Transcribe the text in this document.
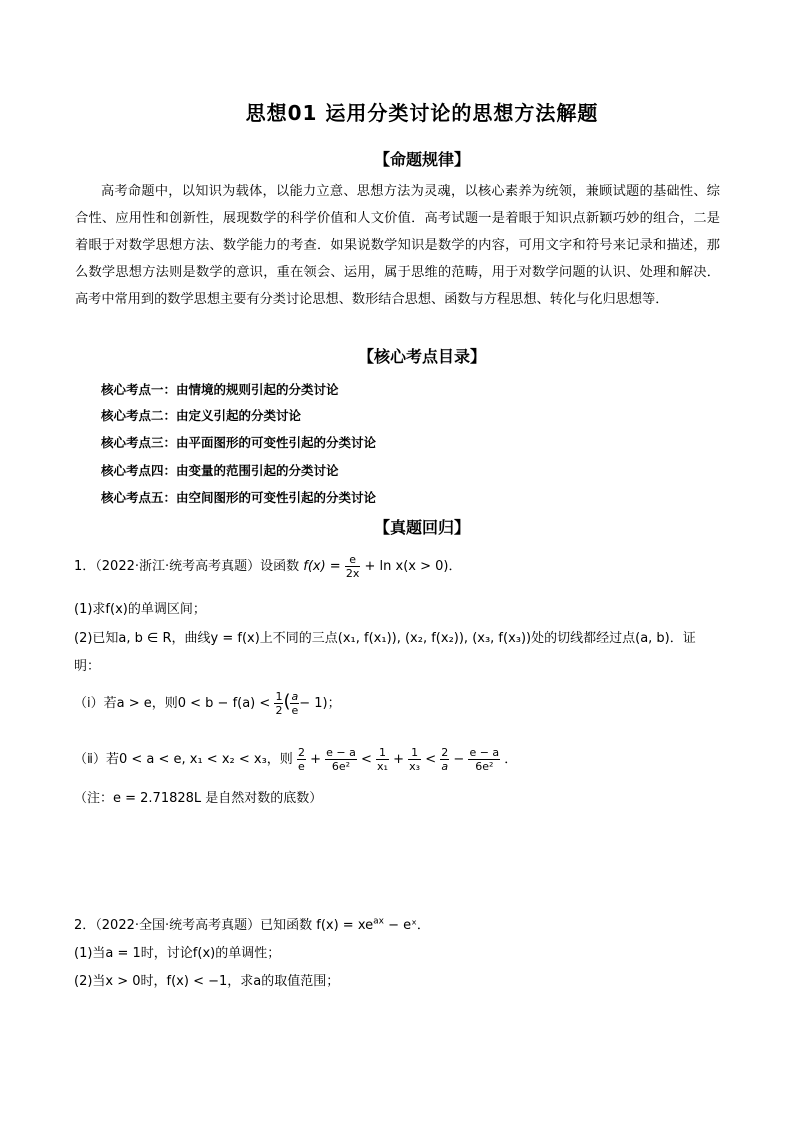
思想01 运用分类讨论的思想方法解题
【命题规律】
高考命题中，以知识为载体，以能力立意、思想方法为灵魂，以核心素养为统领，兼顾试题的基础性、综合性、应用性和创新性，展现数学的科学价值和人文价值．高考试题一是着眼于知识点新颖巧妙的组合，二是着眼于对数学思想方法、数学能力的考查．如果说数学知识是数学的内容，可用文字和符号来记录和描述，那么数学思想方法则是数学的意识，重在领会、运用，属于思维的范畴，用于对数学问题的认识、处理和解决．高考中常用到的数学思想主要有分类讨论思想、数形结合思想、函数与方程思想、转化与化归思想等．
【核心考点目录】
核心考点一：由情境的规则引起的分类讨论
核心考点二：由定义引起的分类讨论
核心考点三：由平面图形的可变性引起的分类讨论
核心考点四：由变量的范围引起的分类讨论
核心考点五：由空间图形的可变性引起的分类讨论
【真题回归】
1．（2022·浙江·统考高考真题）设函数 $f(x) = \frac{e}{2x} + \ln x(x > 0)$．
(1)求f(x)的单调区间；
(2)已知a, b ∈ R，曲线y = f(x)上不同的三点(x₁, f(x₁)), (x₂, f(x₂)), (x₃, f(x₃))处的切线都经过点(a, b)．证
明：
（ⅰ）若a > e，则$0 < b - f(a) < \frac{1}{2}$ ( $\frac{a}{e} - 1$)；
（ⅱ）若0 < a < e, x₁ < x₂ < x₃，则 $\frac{2}{e} + \frac{e - a}{\text{6e²}} < \frac{1}{\text{x₁}} + \frac{1}{\text{x₃}} < \frac{2}{a} - \frac{e - a}{\text{6e²}}$ ．
（注：e = 2.71828L 是自然对数的底数）
2．（2022·全国·统考高考真题）已知函数 $f(x) = xe^{ax}$ − eˣ．
(1)当a = 1时，讨论f(x)的单调性；
(2)当x > 0时，f(x) < −1，求a的取值范围；
